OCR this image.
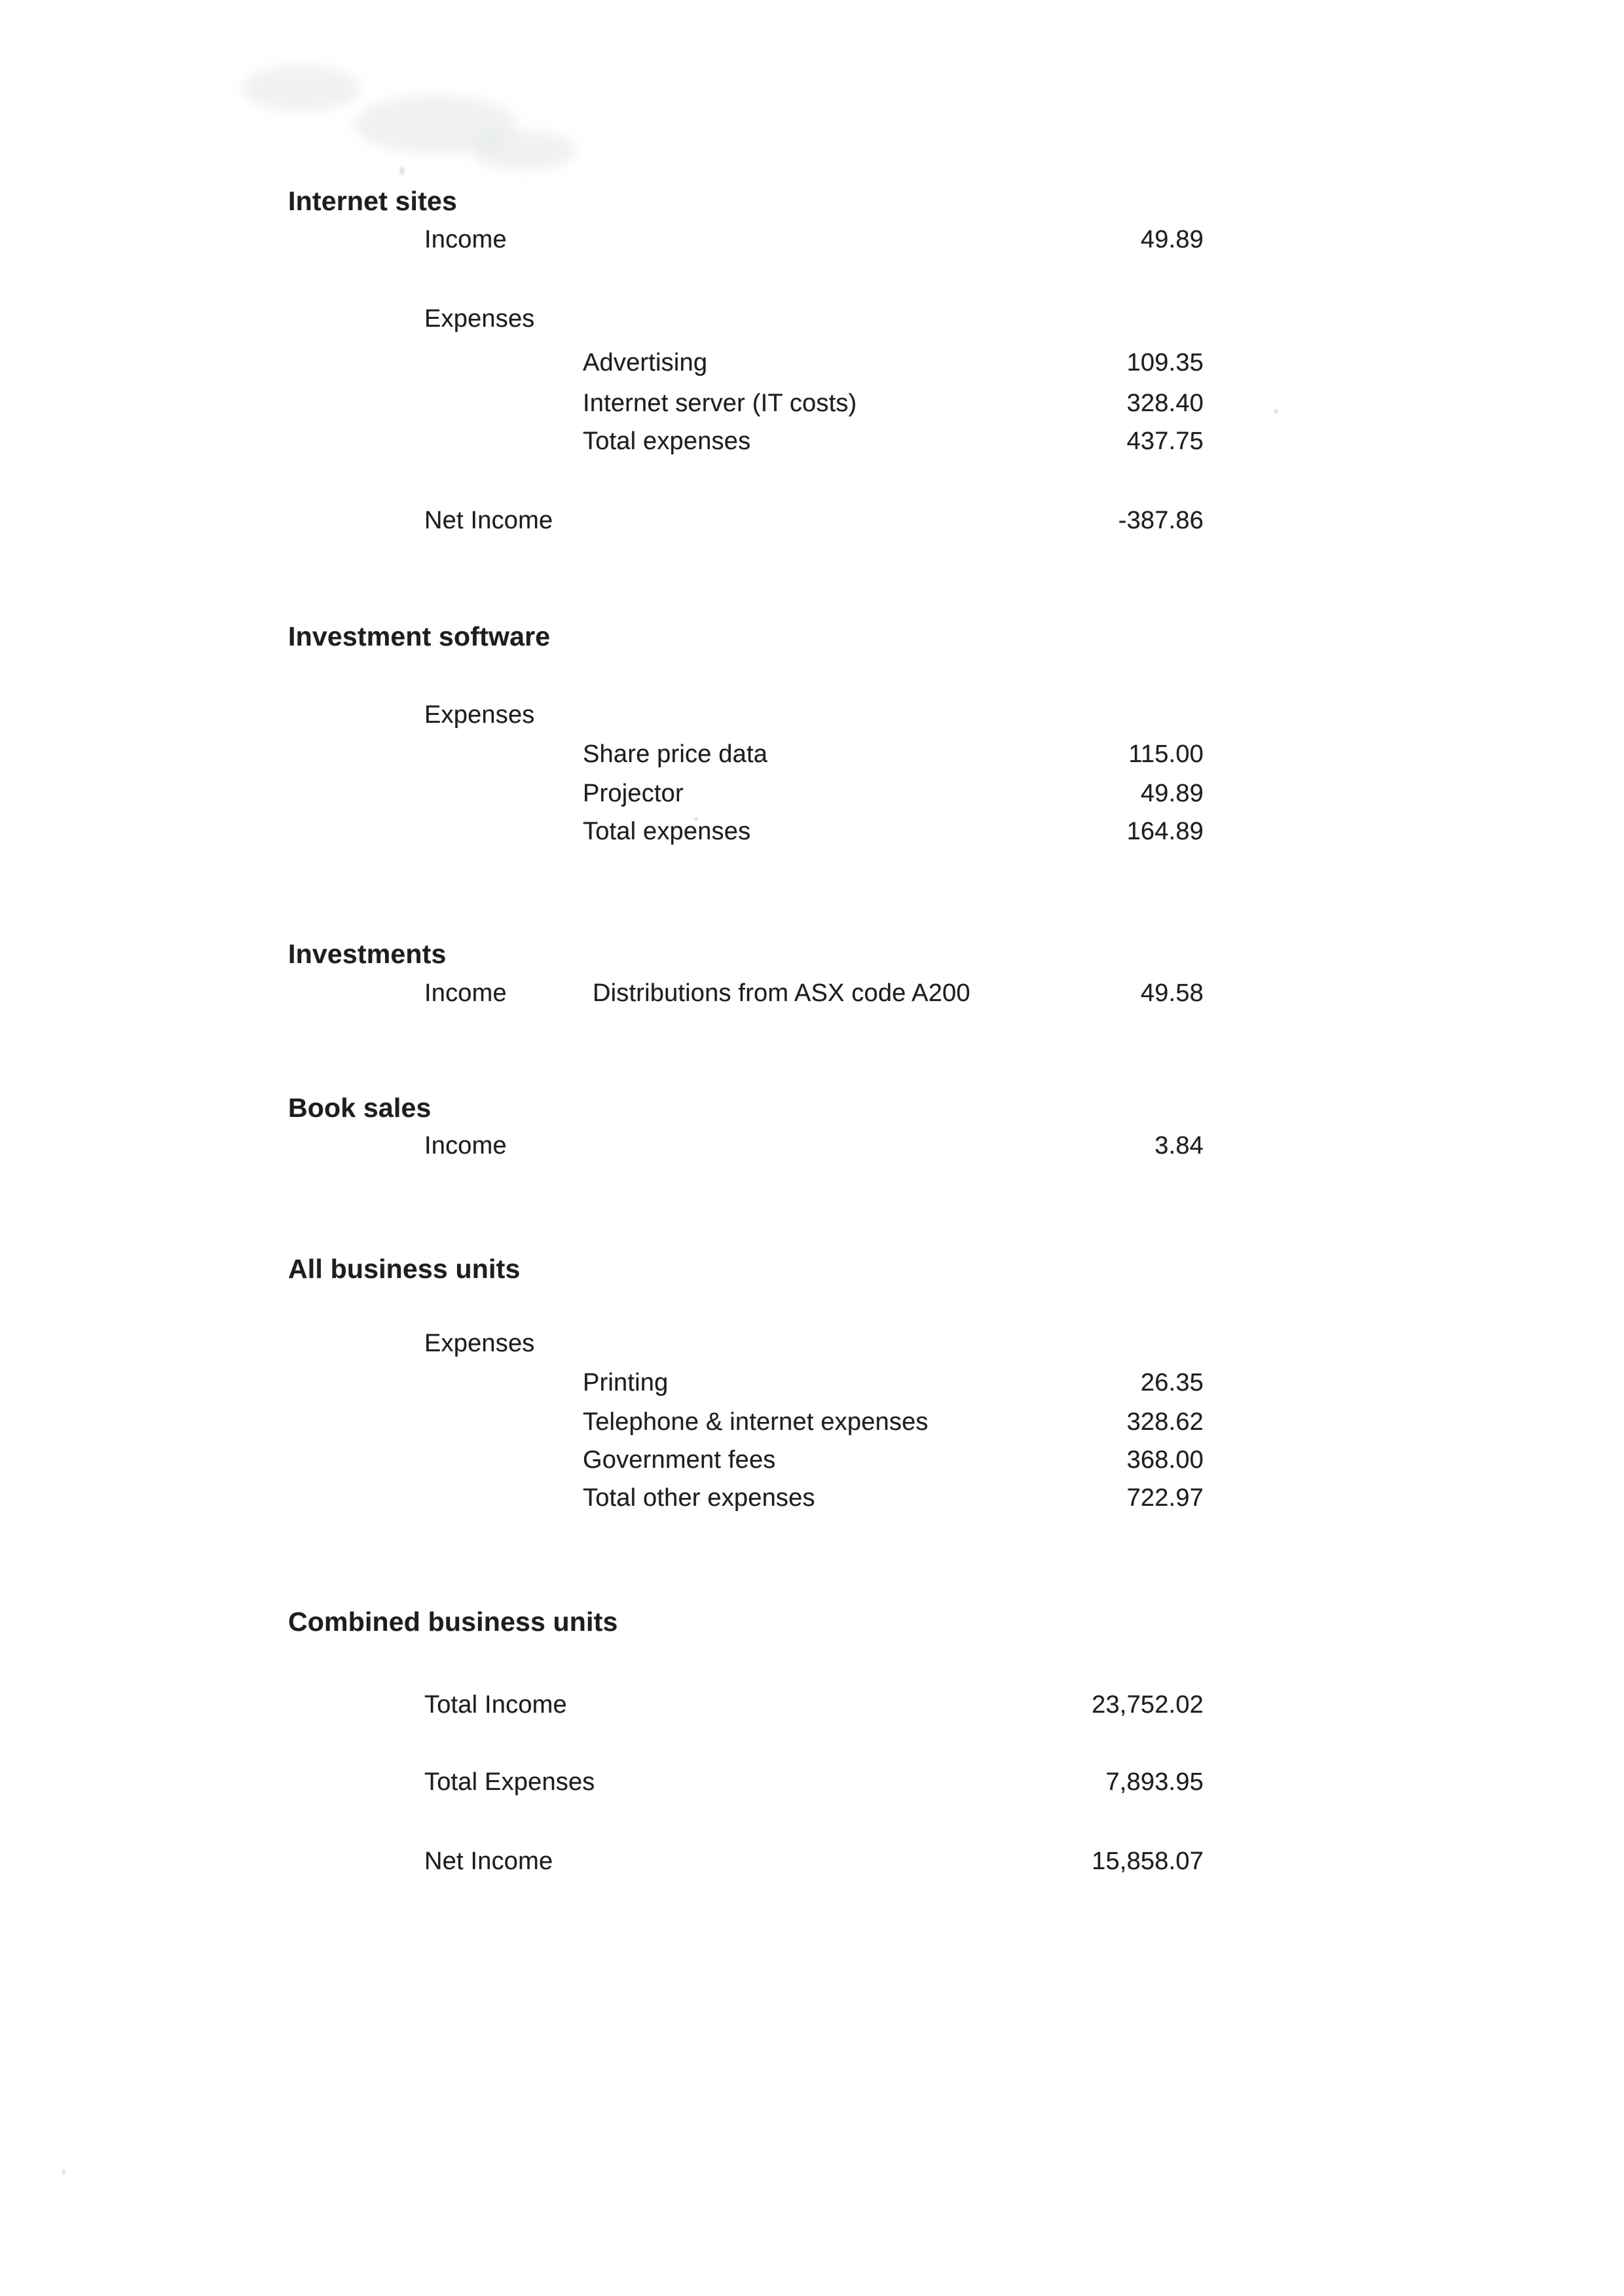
Internet sites
Income	49.89
Expenses
Advertising	109.35
Internet server (IT costs)	328.40
Total expenses	437.75
Net Income	-387.86
Investment software
Expenses
Share price data	115.00
Projector	49.89
Total expenses	164.89
Investments
Income	Distributions from ASX code A200	49.58
Book sales
Income	3.84
All business units
Expenses
Printing	26.35
Telephone & internet expenses	328.62
Government fees	368.00
Total other expenses	722.97
Combined business units
Total Income	23,752.02
Total Expenses	7,893.95
Net Income	15,858.07
